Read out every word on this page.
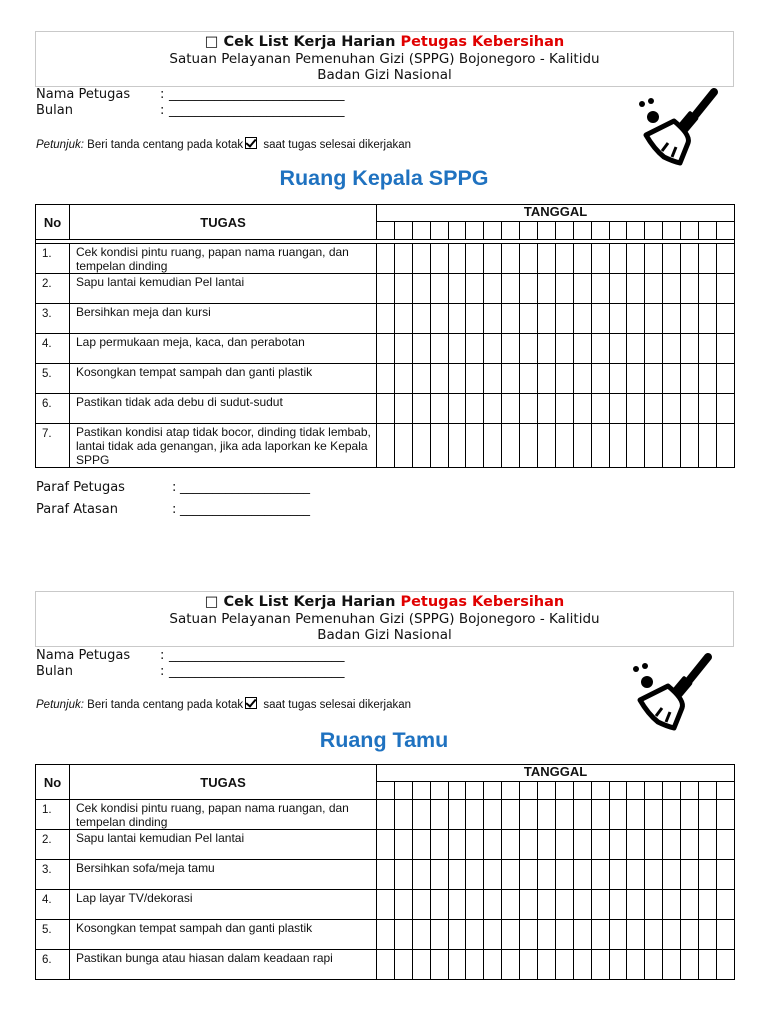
□ Cek List Kerja Harian Petugas Kebersihan
Satuan Pelayanan Pemenuhan Gizi (SPPG) Bojonegoro - Kalitidu
Badan Gizi Nasional
Nama Petugas : ___________________________
Bulan	: ___________________________
Petunjuk: Beri tanda centang pada kotak saat tugas selesai dikerjakan
Ruang Kepala SPPG
No	TUGAS	TANGGAL																			

1.	Cek kondisi pintu ruang, papan nama ruangan, dan tempelan dinding																				
2.	Sapu lantai kemudian Pel lantai																				
3.	Bersihkan meja dan kursi																				
4.	Lap permukaan meja, kaca, dan perabotan																				
5.	Kosongkan tempat sampah dan ganti plastik																				
6.	Pastikan tidak ada debu di sudut-sudut																				
7.	Pastikan kondisi atap tidak bocor, dinding tidak lembab, lantai tidak ada genangan, jika ada laporkan ke Kepala SPPG																				
Paraf Petugas	: ____________________
Paraf Atasan	: ____________________
□ Cek List Kerja Harian Petugas Kebersihan
Satuan Pelayanan Pemenuhan Gizi (SPPG) Bojonegoro - Kalitidu
Badan Gizi Nasional
Nama Petugas : ___________________________
Bulan	: ___________________________
Petunjuk: Beri tanda centang pada kotak saat tugas selesai dikerjakan
Ruang Tamu
No	TUGAS	TANGGAL																			

1.	Cek kondisi pintu ruang, papan nama ruangan, dan tempelan dinding																				
2.	Sapu lantai kemudian Pel lantai																				
3.	Bersihkan sofa/meja tamu																				
4.	Lap layar TV/dekorasi																				
5.	Kosongkan tempat sampah dan ganti plastik																				
6.	Pastikan bunga atau hiasan dalam keadaan rapi																				
